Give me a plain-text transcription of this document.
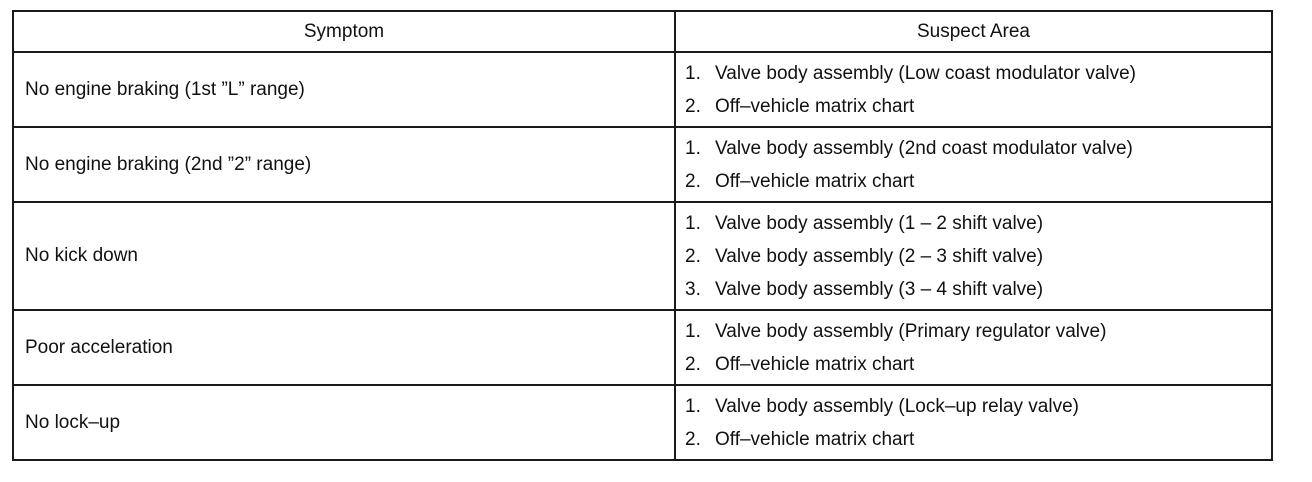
Symptom	Suspect Area
No engine braking (1st ”L” range)	1. Valve body assembly (Low coast modulator valve)
2. Off–vehicle matrix chart

No engine braking (2nd ”2” range)	1. Valve body assembly (2nd coast modulator valve)
2. Off–vehicle matrix chart

No kick down	1. Valve body assembly (1 – 2 shift valve)
2. Valve body assembly (2 – 3 shift valve)
3. Valve body assembly (3 – 4 shift valve)

Poor acceleration	1. Valve body assembly (Primary regulator valve)
2. Off–vehicle matrix chart

No lock–up	1. Valve body assembly (Lock–up relay valve)
2. Off–vehicle matrix chart
